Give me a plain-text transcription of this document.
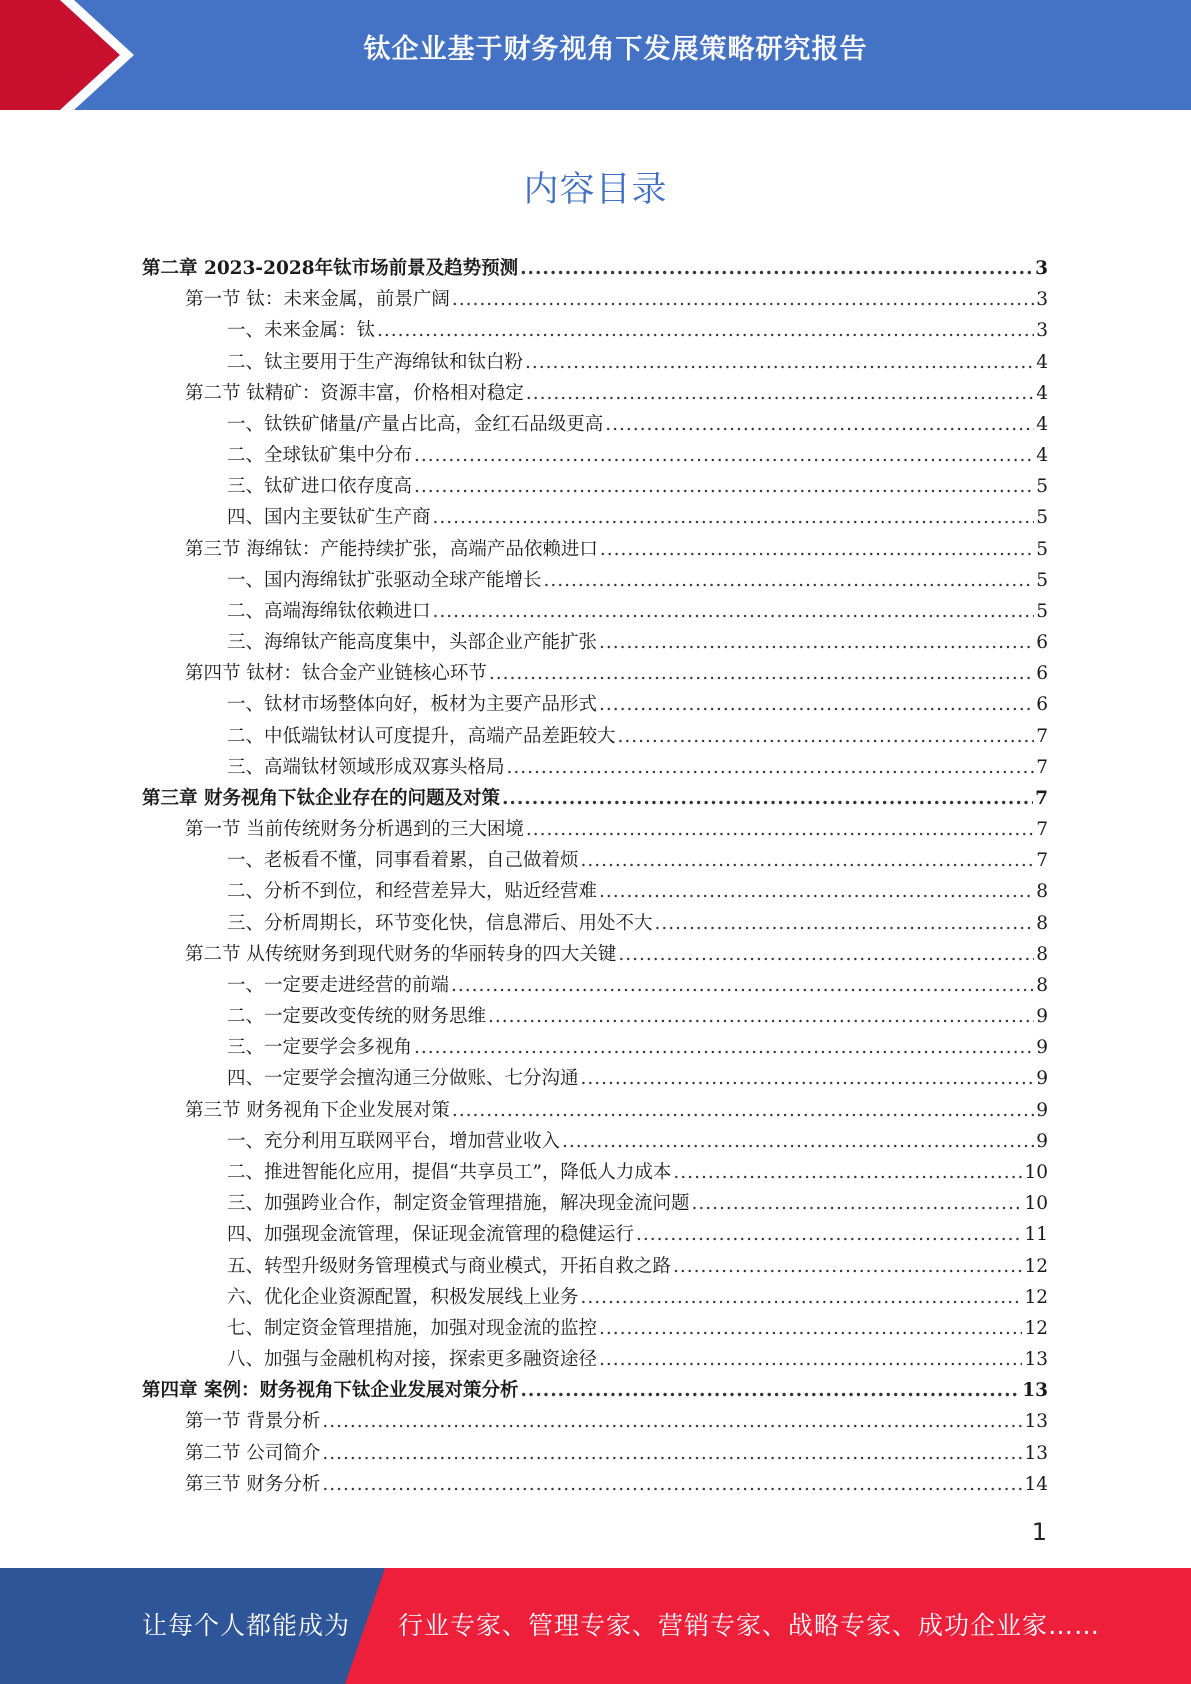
钛企业基于财务视角下发展策略研究报告
内容目录
第二章 2023-2028年钛市场前景及趋势预测 .....	3
第一节 钛：未来金属，前景广阔 .....	3
一、未来金属：钛 .....	3
二、钛主要用于生产海绵钛和钛白粉 .....	4
第二节 钛精矿：资源丰富，价格相对稳定 .....	4
一、钛铁矿储量/产量占比高，金红石品级更高 .....	4
二、全球钛矿集中分布 .....	4
三、钛矿进口依存度高 .....	5
四、国内主要钛矿生产商 .....	5
第三节 海绵钛：产能持续扩张，高端产品依赖进口 .....	5
一、国内海绵钛扩张驱动全球产能增长 .....	5
二、高端海绵钛依赖进口 .....	5
三、海绵钛产能高度集中，头部企业产能扩张 .....	6
第四节 钛材：钛合金产业链核心环节 .....	6
一、钛材市场整体向好，板材为主要产品形式 .....	6
二、中低端钛材认可度提升，高端产品差距较大 .....	7
三、高端钛材领域形成双寡头格局 .....	7
第三章 财务视角下钛企业存在的问题及对策 .....	7
第一节 当前传统财务分析遇到的三大困境 .....	7
一、老板看不懂，同事看着累，自己做着烦 .....	7
二、分析不到位，和经营差异大，贴近经营难 .....	8
三、分析周期长，环节变化快，信息滞后、用处不大 .....	8
第二节 从传统财务到现代财务的华丽转身的四大关键 .....	8
一、一定要走进经营的前端 .....	8
二、一定要改变传统的财务思维 .....	9
三、一定要学会多视角 .....	9
四、一定要学会擅沟通三分做账、七分沟通 .....	9
第三节 财务视角下企业发展对策 .....	9
一、充分利用互联网平台，增加营业收入 .....	9
二、推进智能化应用，提倡“共享员工”，降低人力成本 .....	10
三、加强跨业合作，制定资金管理措施，解决现金流问题 .....	10
四、加强现金流管理，保证现金流管理的稳健运行 .....	11
五、转型升级财务管理模式与商业模式，开拓自救之路 .....	12
六、优化企业资源配置，积极发展线上业务 .....	12
七、制定资金管理措施，加强对现金流的监控 .....	12
八、加强与金融机构对接，探索更多融资途径 .....	13
第四章 案例：财务视角下钛企业发展对策分析 .....	13
第一节 背景分析 .....	13
第二节 公司简介 .....	13
第三节 财务分析 .....	14
1
让每个人都能成为 行业专家、管理专家、营销专家、战略专家、成功企业家……
